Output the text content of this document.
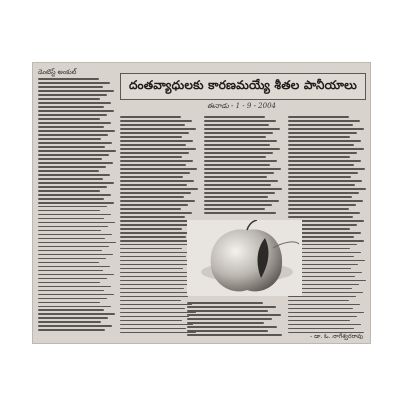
డెంటిస్ట్ అంకుల్
దంతవ్యాధులకు కారణమయ్యే శీతల పానీయాలు
ఈనాడు - 1 - 9 - 2004
- డా. ఓ. నాగేశ్వరరావు
